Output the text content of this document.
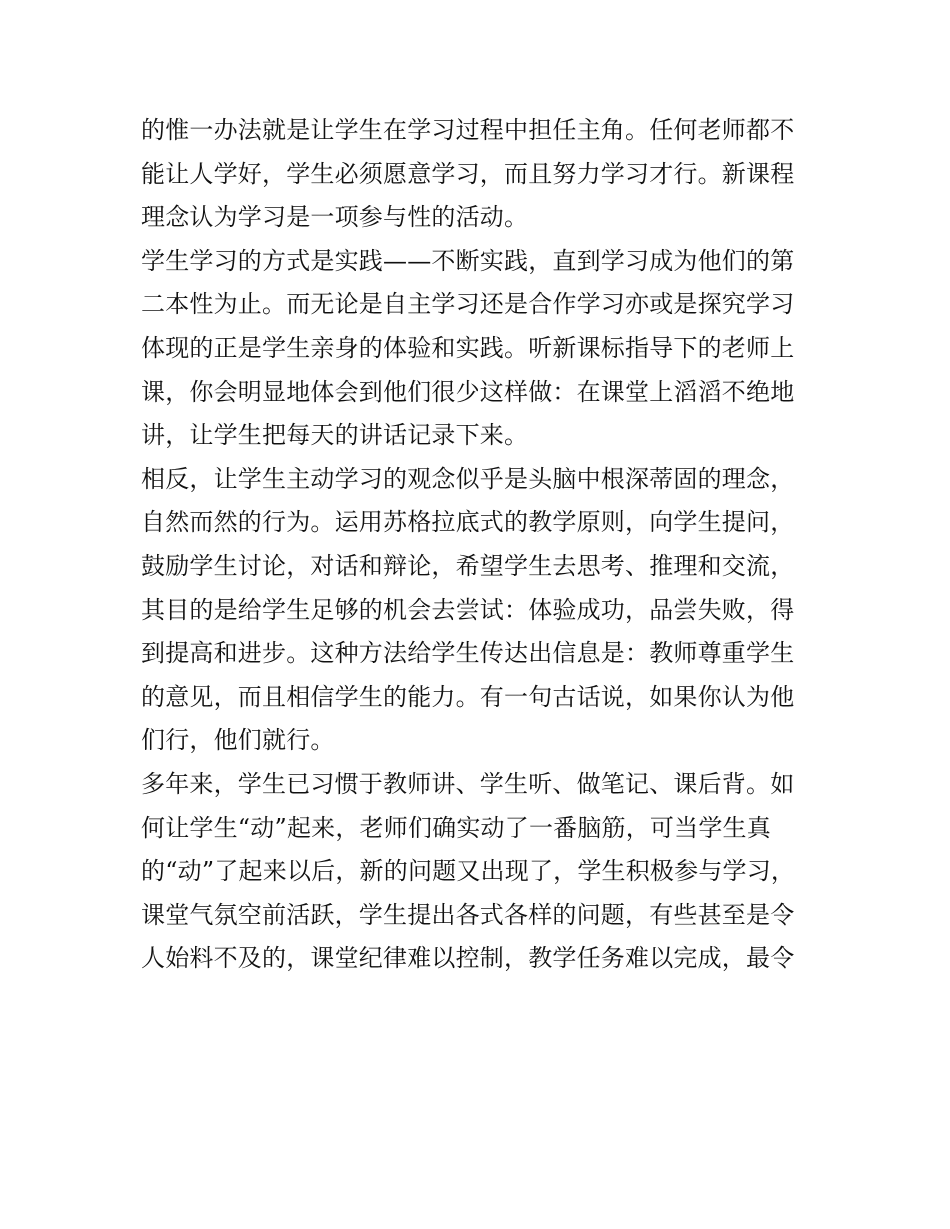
的惟一办法就是让学生在学习过程中担任主角。任何老师都不
能让人学好，学生必须愿意学习，而且努力学习才行。新课程
理念认为学习是一项参与性的活动。
学生学习的方式是实践——不断实践，直到学习成为他们的第
二本性为止。而无论是自主学习还是合作学习亦或是探究学习
体现的正是学生亲身的体验和实践。听新课标指导下的老师上
课，你会明显地体会到他们很少这样做：在课堂上滔滔不绝地
讲，让学生把每天的讲话记录下来。
相反，让学生主动学习的观念似乎是头脑中根深蒂固的理念，
自然而然的行为。运用苏格拉底式的教学原则，向学生提问，
鼓励学生讨论，对话和辩论，希望学生去思考、推理和交流，
其目的是给学生足够的机会去尝试：体验成功，品尝失败，得
到提高和进步。这种方法给学生传达出信息是：教师尊重学生
的意见，而且相信学生的能力。有一句古话说，如果你认为他
们行，他们就行。
多年来，学生已习惯于教师讲、学生听、做笔记、课后背。如
何让学生“动”起来，老师们确实动了一番脑筋，可当学生真
的“动”了起来以后，新的问题又出现了，学生积极参与学习，
课堂气氛空前活跃，学生提出各式各样的问题，有些甚至是令
人始料不及的，课堂纪律难以控制，教学任务难以完成，最令
